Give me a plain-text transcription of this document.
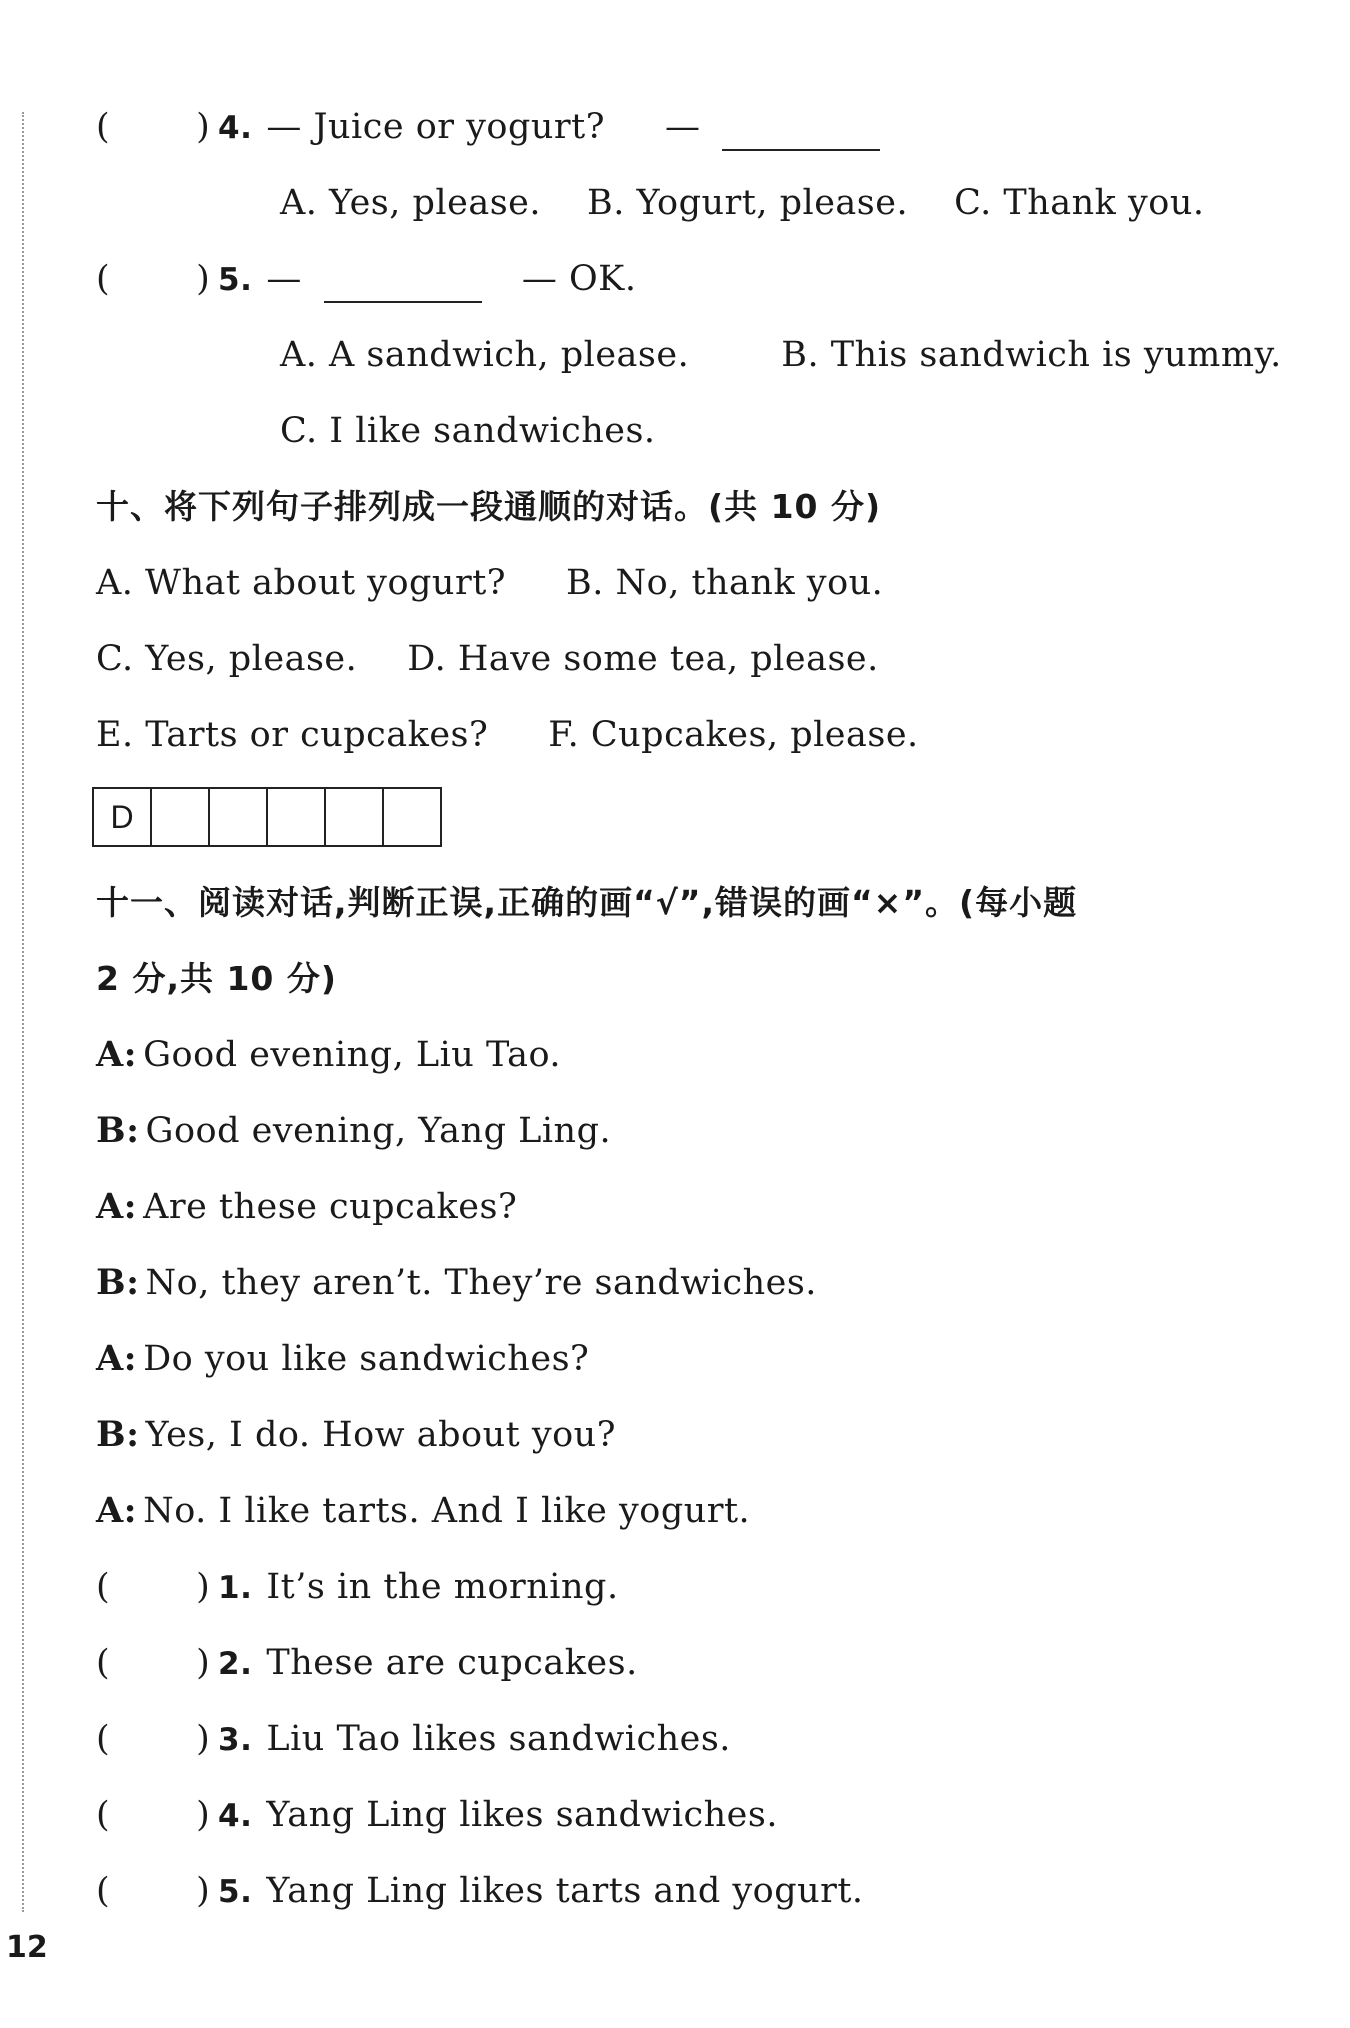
( ) 4. — Juice or yogurt? —
A. Yes, please. B. Yogurt, please. C. Thank you.
( ) 5. —	— OK.
A. A sandwich, please.	B. This sandwich is yummy.
C. I like sandwiches.
十、将下列句子排列成一段通顺的对话。(共 10 分)
A. What about yogurt? B. No, thank you.
C. Yes, please. D. Have some tea, please.
E. Tarts or cupcakes? F. Cupcakes, please.
D
十一、阅读对话,判断正误,正确的画“√”,错误的画“×”。(每小题
2 分,共 10 分)
A: Good evening, Liu Tao.
B: Good evening, Yang Ling.
A: Are these cupcakes?
B: No, they aren’t. They’re sandwiches.
A: Do you like sandwiches?
B: Yes, I do. How about you?
A: No. I like tarts. And I like yogurt.
( ) 1. It’s in the morning.
( ) 2. These are cupcakes.
( ) 3. Liu Tao likes sandwiches.
( ) 4. Yang Ling likes sandwiches.
( ) 5. Yang Ling likes tarts and yogurt.
12
